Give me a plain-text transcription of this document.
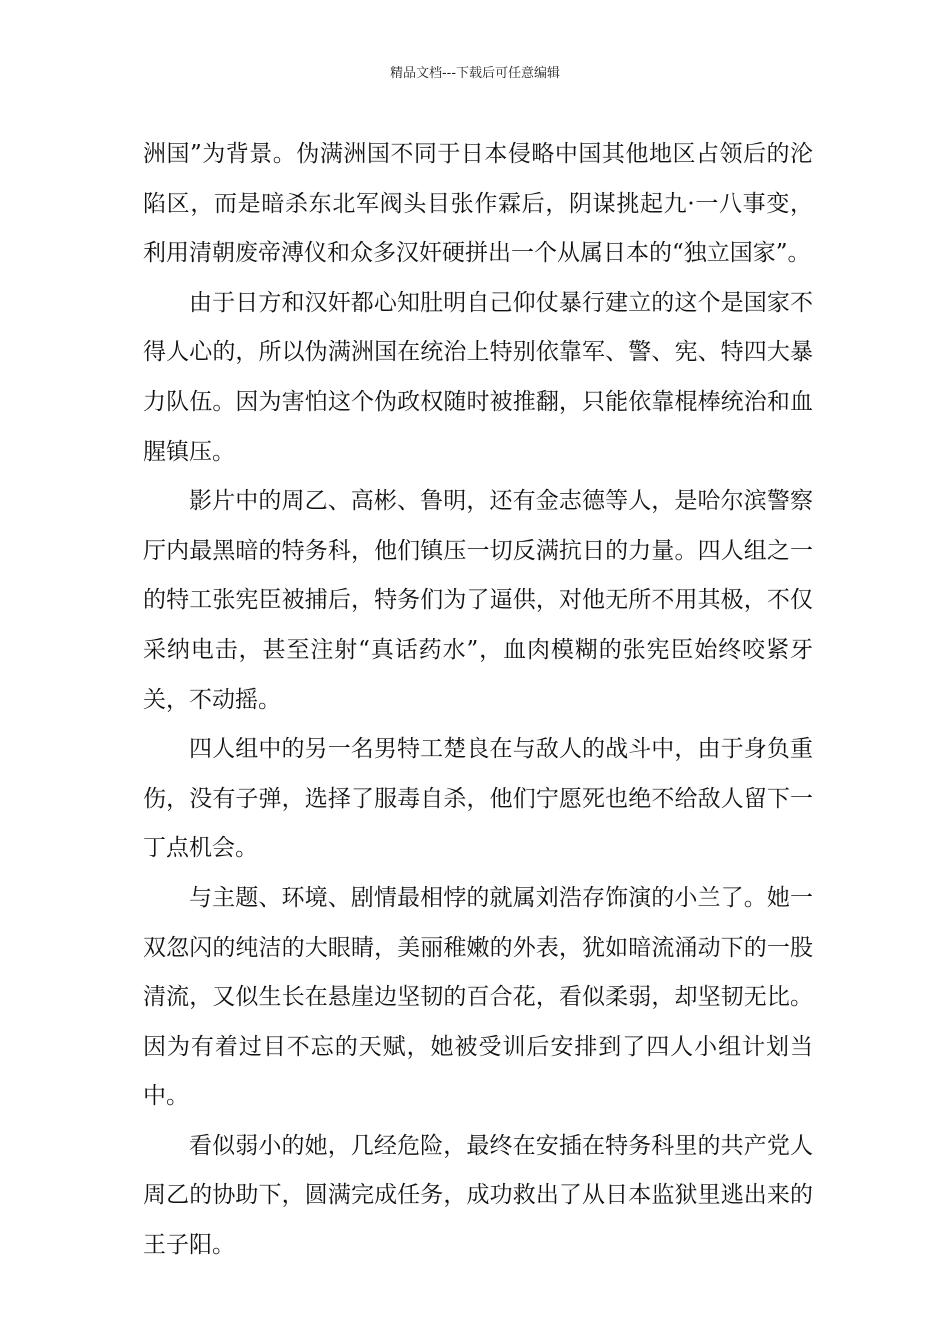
精品文档---下载后可任意编辑

洲国”为背景。伪满洲国不同于日本侵略中国其他地区占领后的沦陷区，而是暗杀东北军阀头目张作霖后，阴谋挑起九·一八事变，利用清朝废帝溥仪和众多汉奸硬拼出一个从属日本的“独立国家”。

由于日方和汉奸都心知肚明自己仰仗暴行建立的这个是国家不得人心的，所以伪满洲国在统治上特别依靠军、警、宪、特四大暴力队伍。因为害怕这个伪政权随时被推翻，只能依靠棍棒统治和血腥镇压。

影片中的周乙、高彬、鲁明，还有金志德等人，是哈尔滨警察厅内最黑暗的特务科，他们镇压一切反满抗日的力量。四人组之一的特工张宪臣被捕后，特务们为了逼供，对他无所不用其极，不仅采纳电击，甚至注射“真话药水”，血肉模糊的张宪臣始终咬紧牙关，不动摇。

四人组中的另一名男特工楚良在与敌人的战斗中，由于身负重伤，没有子弹，选择了服毒自杀，他们宁愿死也绝不给敌人留下一丁点机会。

与主题、环境、剧情最相悖的就属刘浩存饰演的小兰了。她一双忽闪的纯洁的大眼睛，美丽稚嫩的外表，犹如暗流涌动下的一股清流，又似生长在悬崖边坚韧的百合花，看似柔弱，却坚韧无比。因为有着过目不忘的天赋，她被受训后安排到了四人小组计划当中。

看似弱小的她，几经危险，最终在安插在特务科里的共产党人周乙的协助下，圆满完成任务，成功救出了从日本监狱里逃出来的王子阳。
